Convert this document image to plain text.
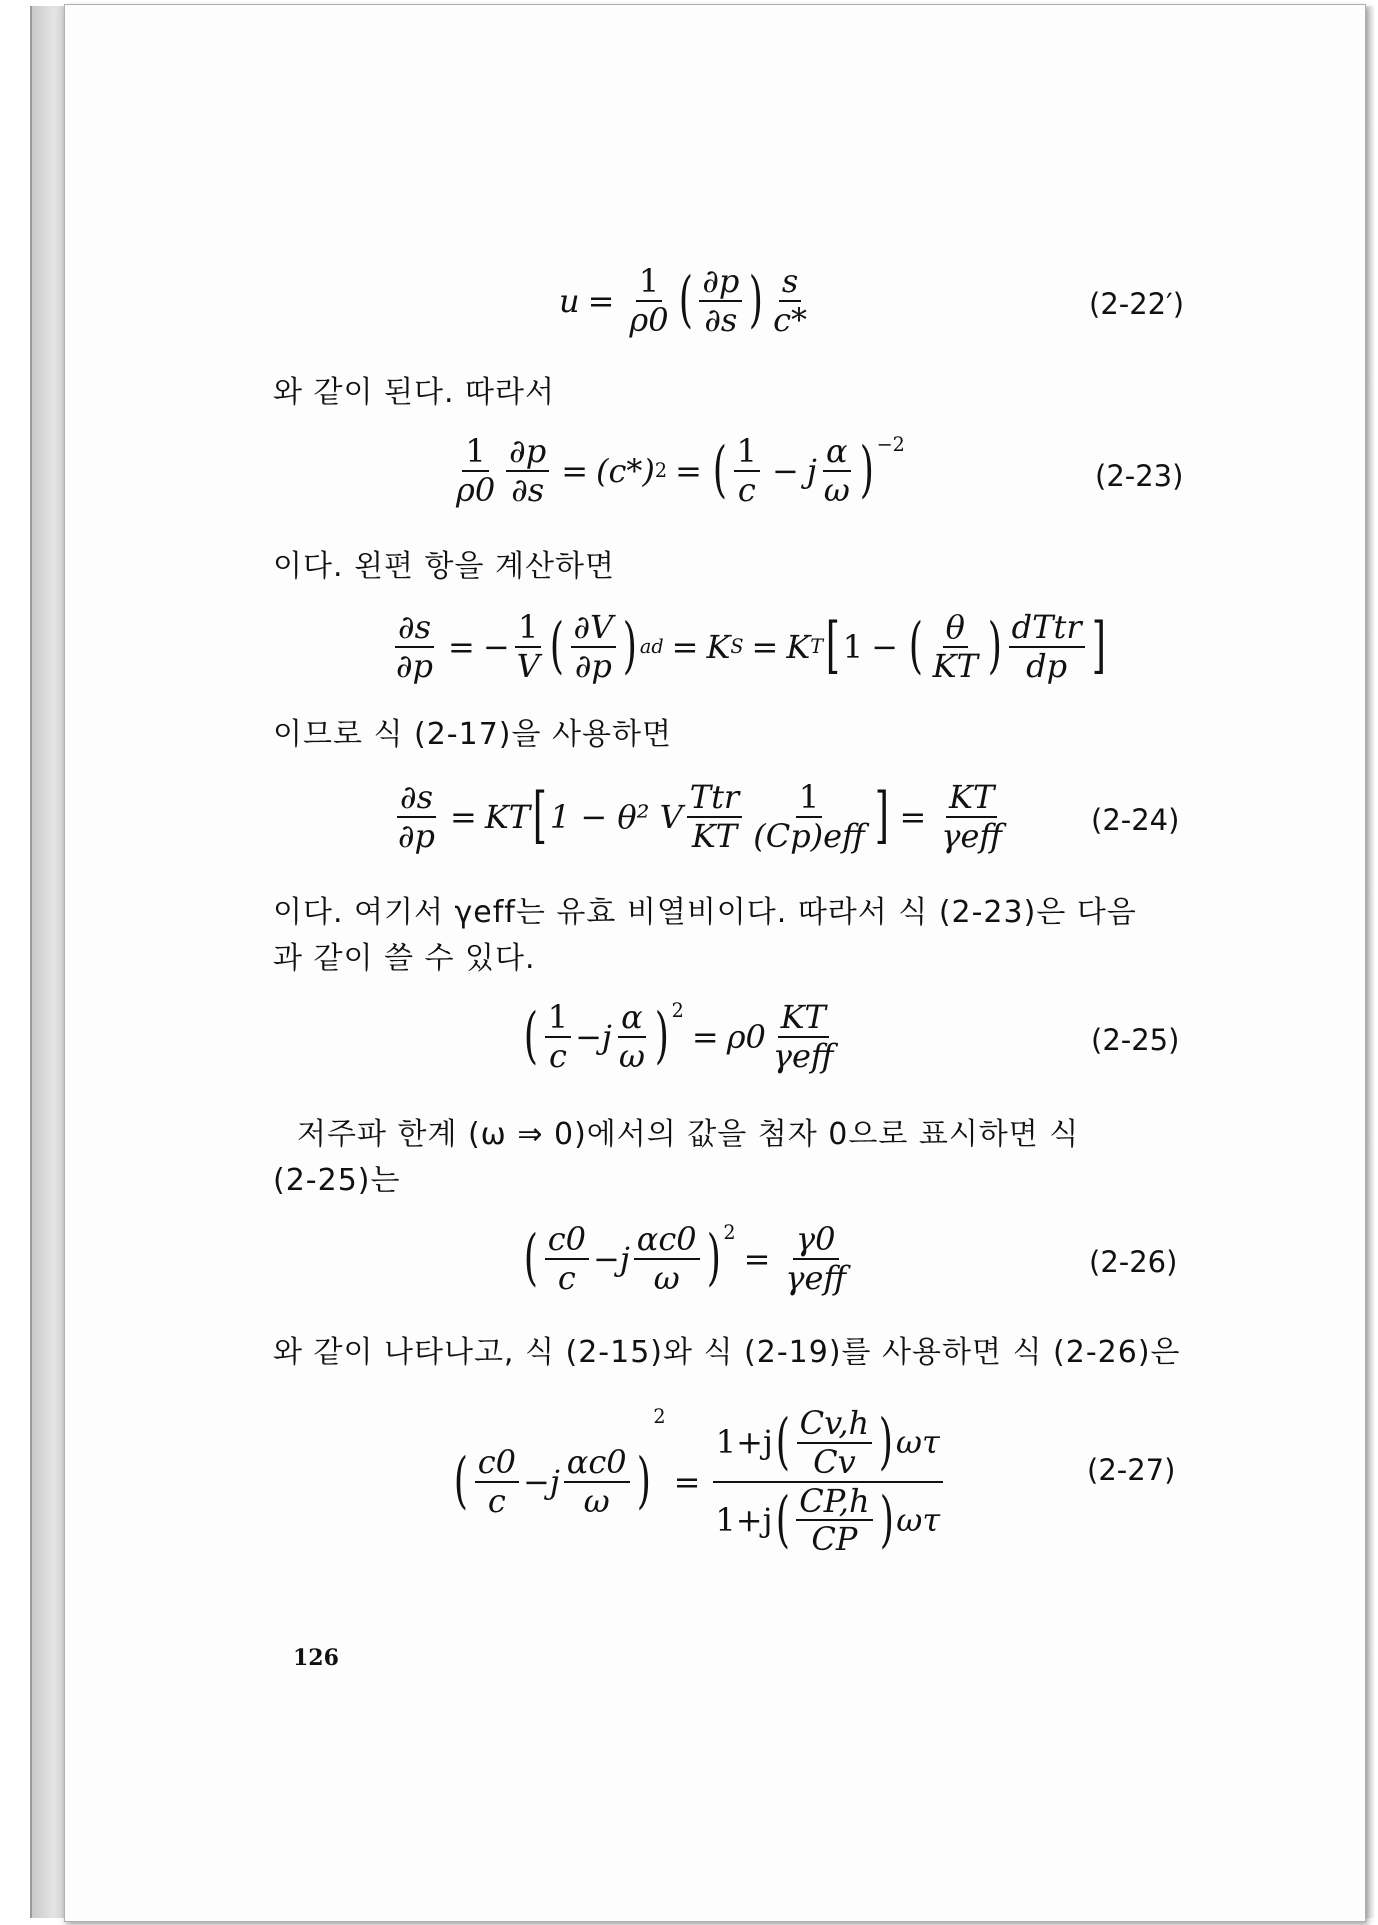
$u = \frac{1}{\rho 0}$ ( $\frac{\partial p}{\partial s}$ ) $\frac{s}{c*}$	(2-22′)
와 같이 된다. 따라서
$\frac{1}{\rho 0} \frac{\partial p}{\partial s} = (c*) 2$ = ( $\frac{1}{c} - j \frac{\alpha}{\omega}$ ) −2
(2-23)
이다. 왼편 항을 계산하면
$\frac{\partial s}{\partial p}$ = − $\frac{1}{V}$ ( $\frac{\partial V}{\partial p}$ ) ad = K S = K T [ 1 − ( $\frac{\theta}{KT}$ ) $\frac{\text{dTtr}}{dp}$ ]
이므로 식 (2-17)을 사용하면
$\frac{\partial s}{\partial p}$ = KT [ 1 − θ² V $\frac{\text{Ttr}}{KT} \frac{1}{\text{(Cp)eff}}$ ] = $\frac{KT}{\text{γeff}}$	(2-24)
이다. 여기서 γeff는 유효 비열비이다. 따라서 식 (2-23)은 다음
과 같이 쓸 수 있다.
( $\frac{1}{c} - j \frac{\alpha}{\omega}$ ) 2
= $\rho 0 \frac{KT}{\text{γeff}}$	(2-25)
저주파 한계 (ω ⇒ 0)에서의 값을 첨자 0으로 표시하면 식
(2-25)는
( $\frac{c0}{c} - j \frac{\alpha c0}{\omega}$ ) 2
= $\frac{\gamma 0}{\text{γeff}}$	(2-26)
와 같이 나타나고, 식 (2-15)와 식 (2-19)를 사용하면 식 (2-26)은
( $\frac{c0}{c} - j \frac{\alpha c0}{\omega}$ )
2
= $\frac{1+j ( \frac{Cv,h}{Cv} ) \omega\tau}{1+j ( \frac{CP,h}{CP} ) \omega\tau}$	(2-27)
126
